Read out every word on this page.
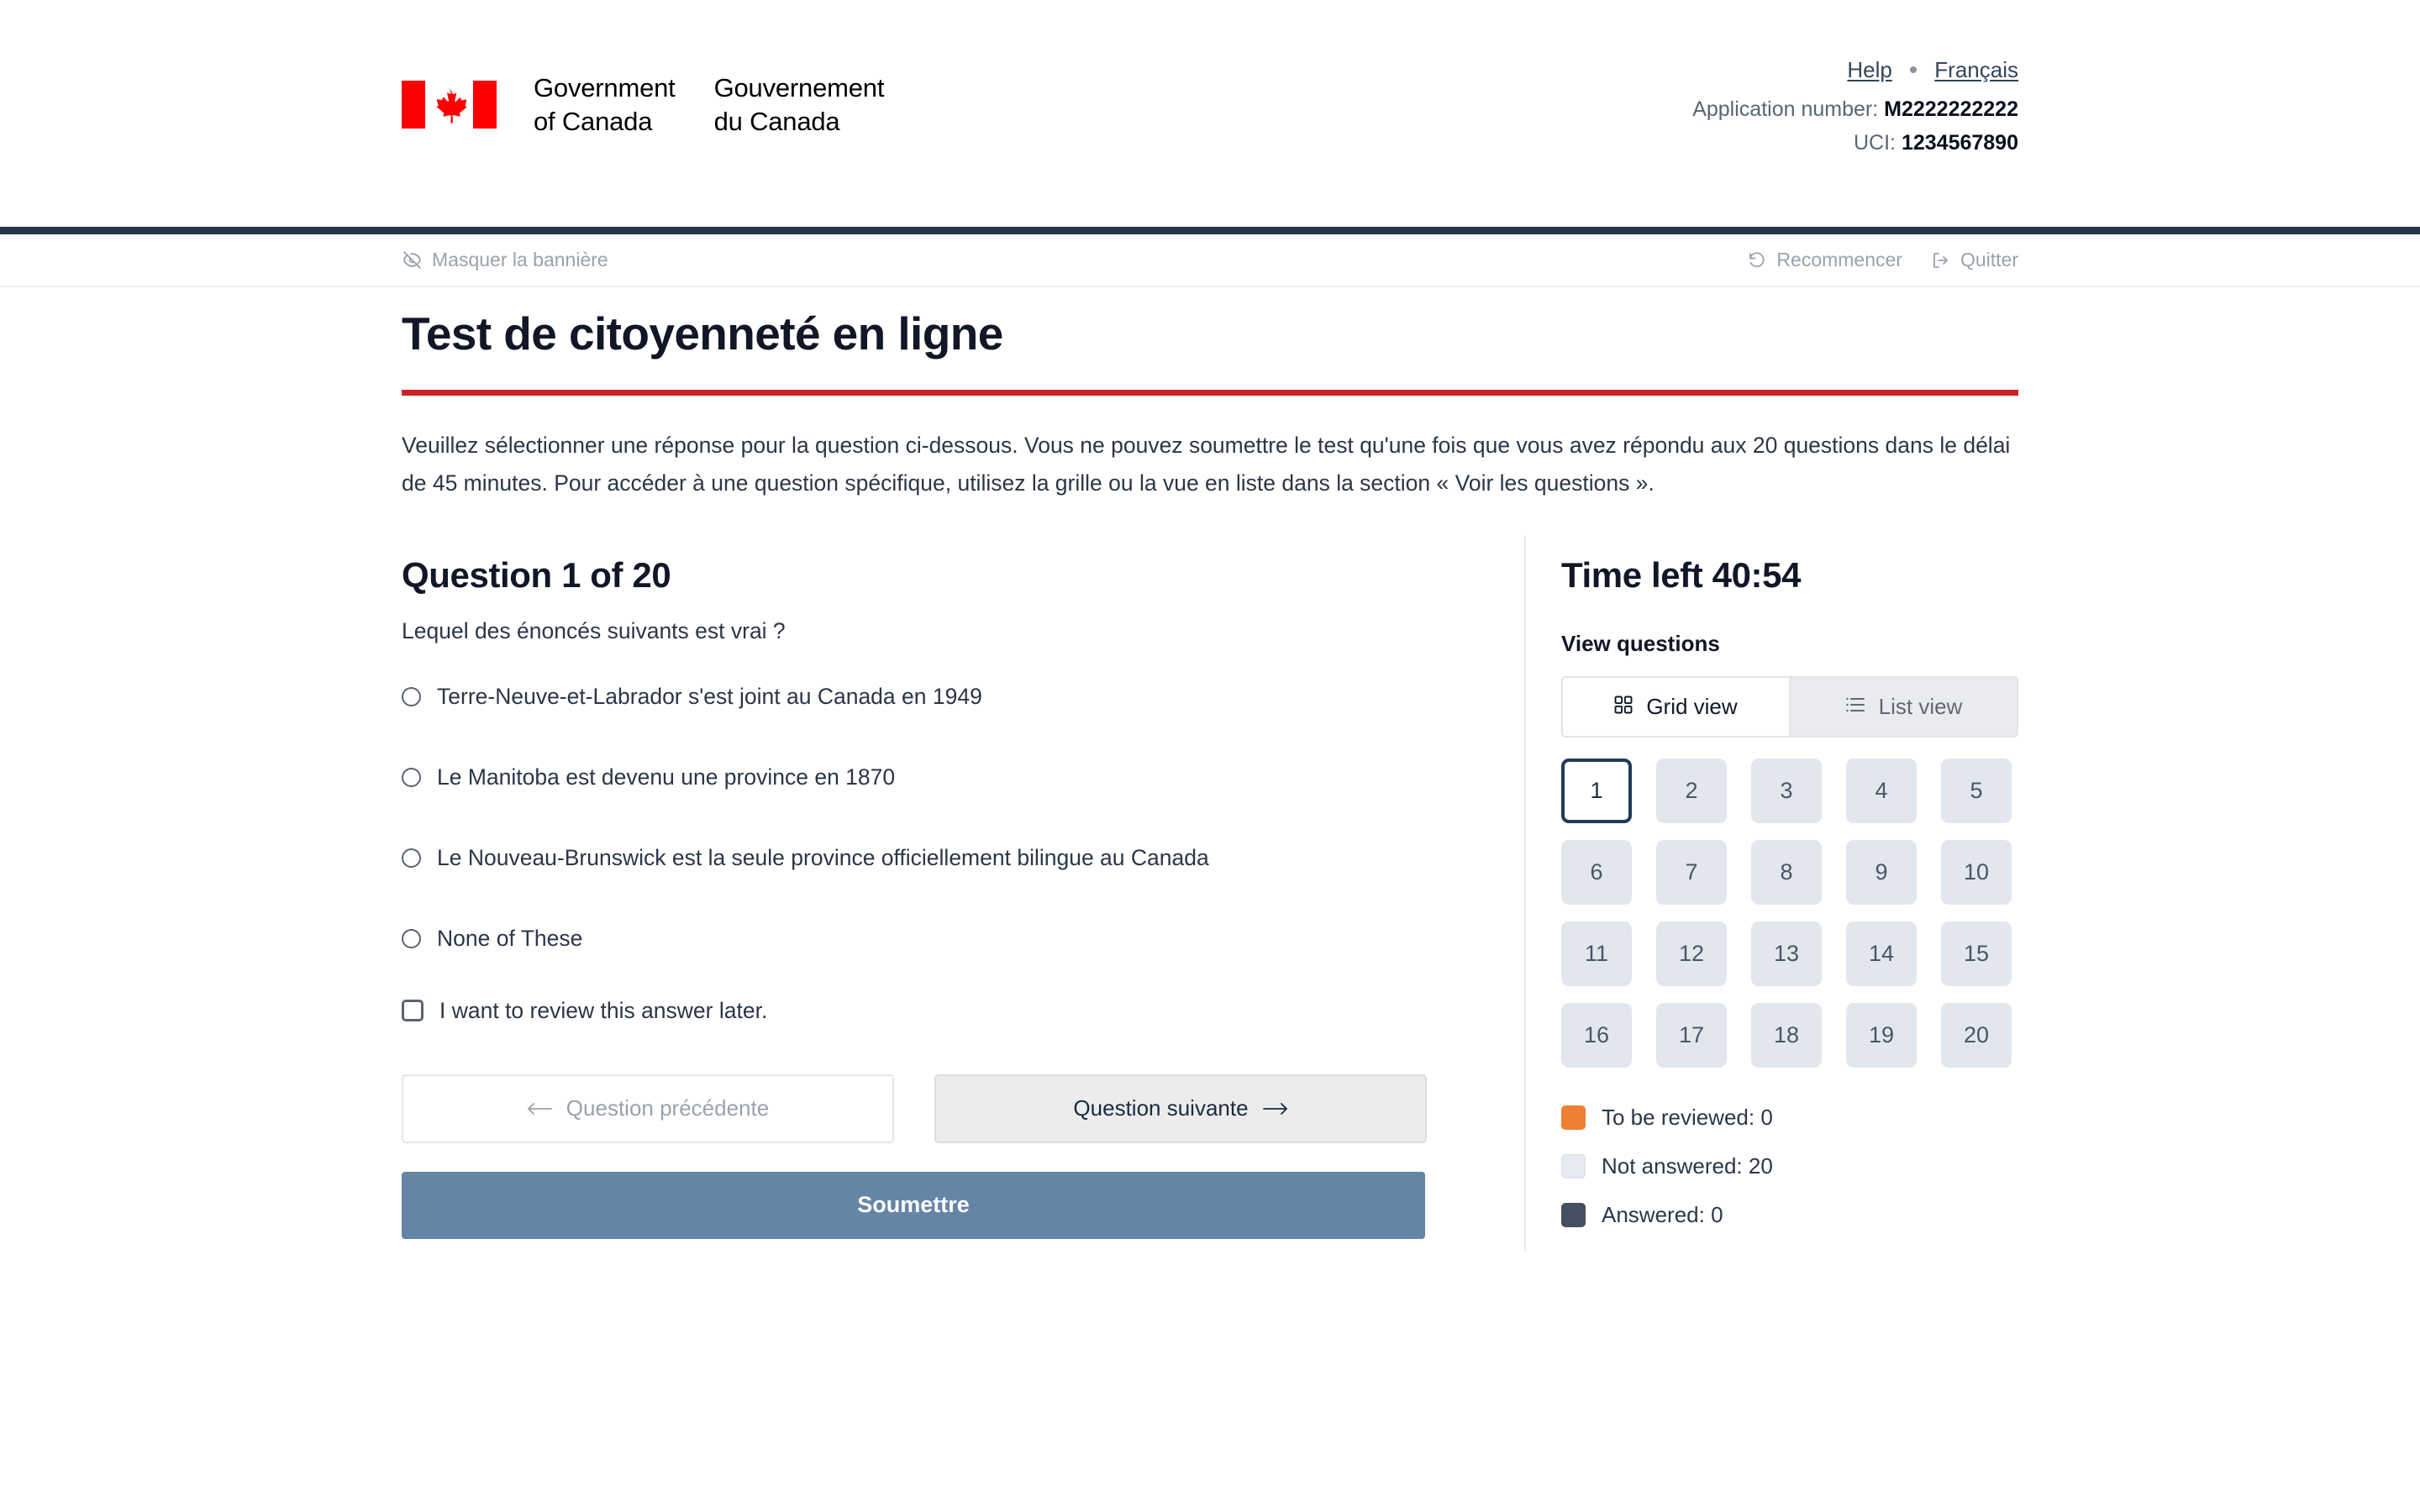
Government
of Canada
Gouvernement
du Canada
Help Français
Application number: M2222222222
UCI: 1234567890
Masquer la bannière	Recommencer	Quitter
Test de citoyenneté en ligne

Veuillez sélectionner une réponse pour la question ci-dessous. Vous ne pouvez soumettre le test qu'une fois que vous avez répondu aux 20 questions dans le délai de 45 minutes. Pour accéder à une question spécifique, utilisez la grille ou la vue en liste dans la section « Voir les questions ».

Question 1 of 20
Lequel des énoncés suivants est vrai ?
Terre-Neuve-et-Labrador s'est joint au Canada en 1949
Le Manitoba est devenu une province en 1870
Le Nouveau-Brunswick est la seule province officiellement bilingue au Canada
None of These
I want to review this answer later.
Question précédente	Question suivante
Soumettre
Time left 40:54
View questions
Grid view	List view
1	2	3	4	5
6	7	8	9	10
11	12	13	14	15
16	17	18	19	20
To be reviewed: 0
Not answered: 20
Answered: 0
